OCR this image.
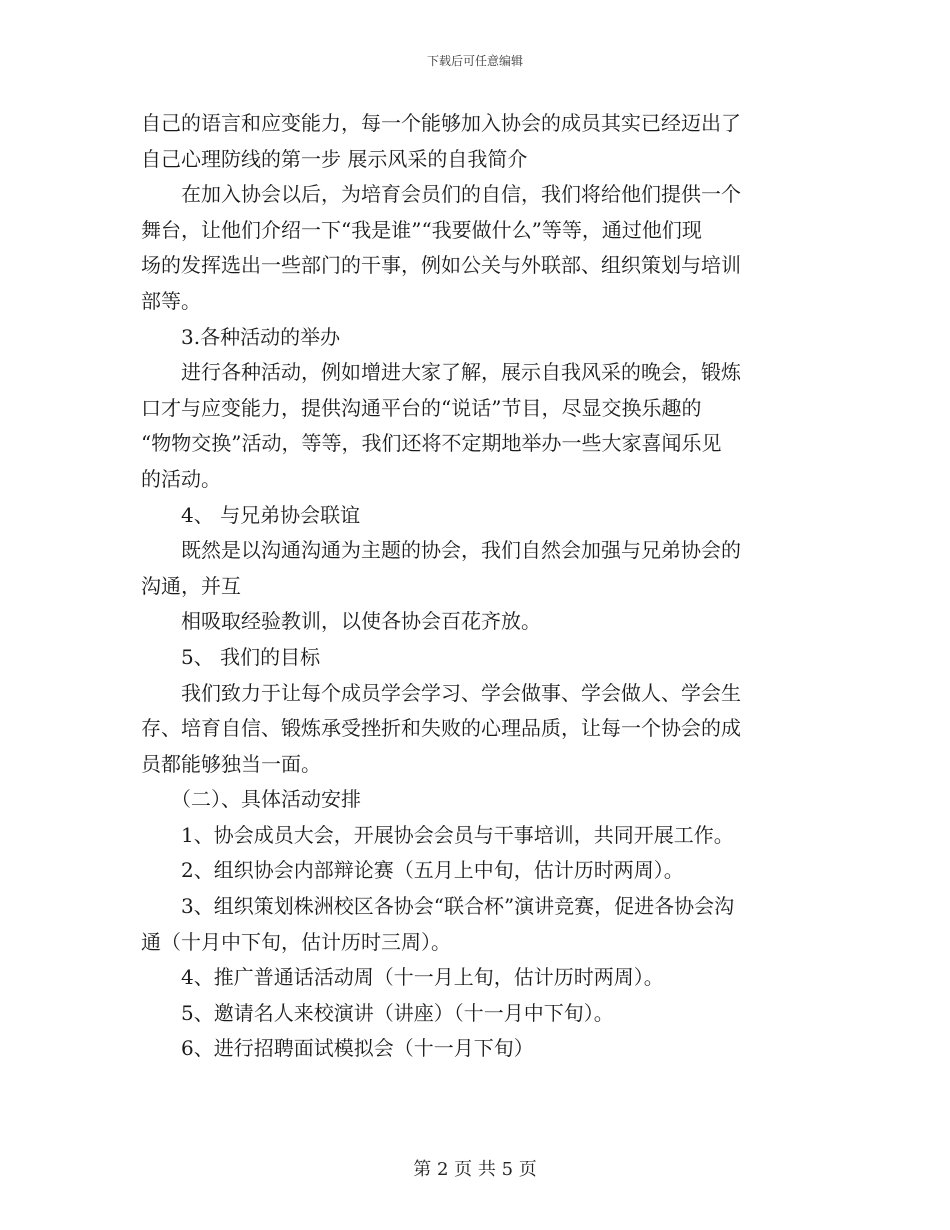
下载后可任意编辑

自己的语言和应变能力，每一个能够加入协会的成员其实已经迈出了

自己心理防线的第一步 展示风采的自我简介

　　在加入协会以后，为培育会员们的自信，我们将给他们提供一个

舞台，让他们介绍一下“我是谁”“我要做什么”等等，通过他们现

场的发挥选出一些部门的干事，例如公关与外联部、组织策划与培训

部等。

　　3.各种活动的举办

　　进行各种活动，例如增进大家了解，展示自我风采的晚会，锻炼

口才与应变能力，提供沟通平台的“说话”节目，尽显交换乐趣的

“物物交换”活动，等等，我们还将不定期地举办一些大家喜闻乐见

的活动。

　　4、 与兄弟协会联谊

　　既然是以沟通沟通为主题的协会，我们自然会加强与兄弟协会的

沟通，并互

　　相吸取经验教训，以使各协会百花齐放。

　　5、 我们的目标

　　我们致力于让每个成员学会学习、学会做事、学会做人、学会生

存、培育自信、锻炼承受挫折和失败的心理品质，让每一个协会的成

员都能够独当一面。

　　（二）、具体活动安排

　　1、协会成员大会，开展协会会员与干事培训，共同开展工作。

　　2、组织协会内部辩论赛（五月上中旬，估计历时两周）。

　　3、组织策划株洲校区各协会“联合杯”演讲竞赛，促进各协会沟

通（十月中下旬，估计历时三周）。

　　4、推广普通话活动周（十一月上旬，估计历时两周）。

　　5、邀请名人来校演讲（讲座）（十一月中下旬）。

　　6、进行招聘面试模拟会（十一月下旬）

第 2 页 共 5 页
